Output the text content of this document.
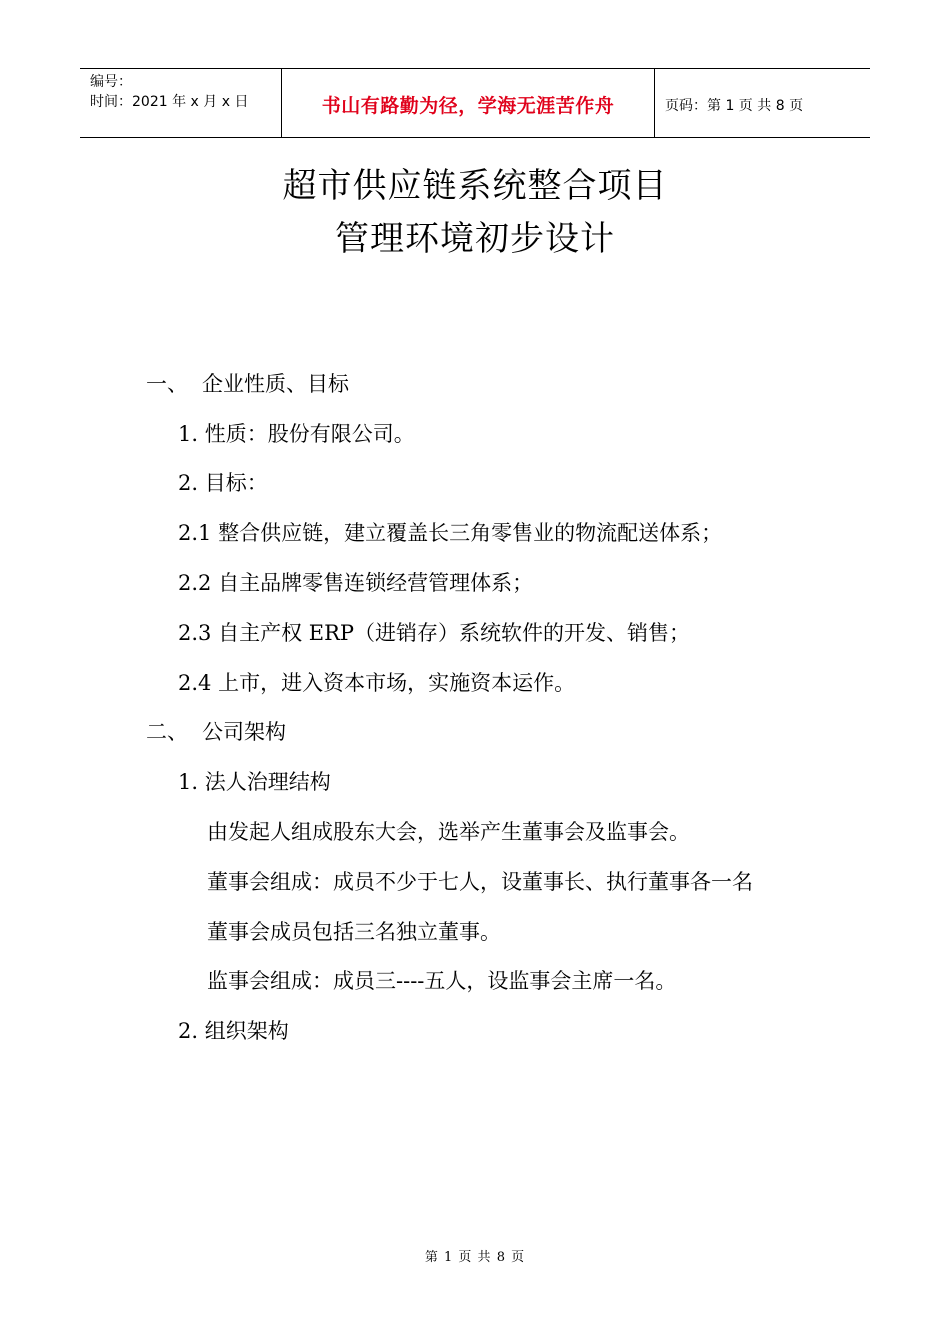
编号：
时间：2021 年 x 月 x 日	书山有路勤为径，学海无涯苦作舟	页码：第 1 页 共 8 页
超市供应链系统整合项目
管理环境初步设计
一、 企业性质、目标
1. 性质：股份有限公司。
2. 目标：
2.1 整合供应链，建立覆盖长三角零售业的物流配送体系；
2.2 自主品牌零售连锁经营管理体系；
2.3 自主产权 ERP（进销存）系统软件的开发、销售；
2.4 上市，进入资本市场，实施资本运作。
二、 公司架构
1. 法人治理结构
由发起人组成股东大会，选举产生董事会及监事会。
董事会组成：成员不少于七人，设董事长、执行董事各一名
董事会成员包括三名独立董事。
监事会组成：成员三----五人，设监事会主席一名。
2. 组织架构
第 1 页 共 8 页
